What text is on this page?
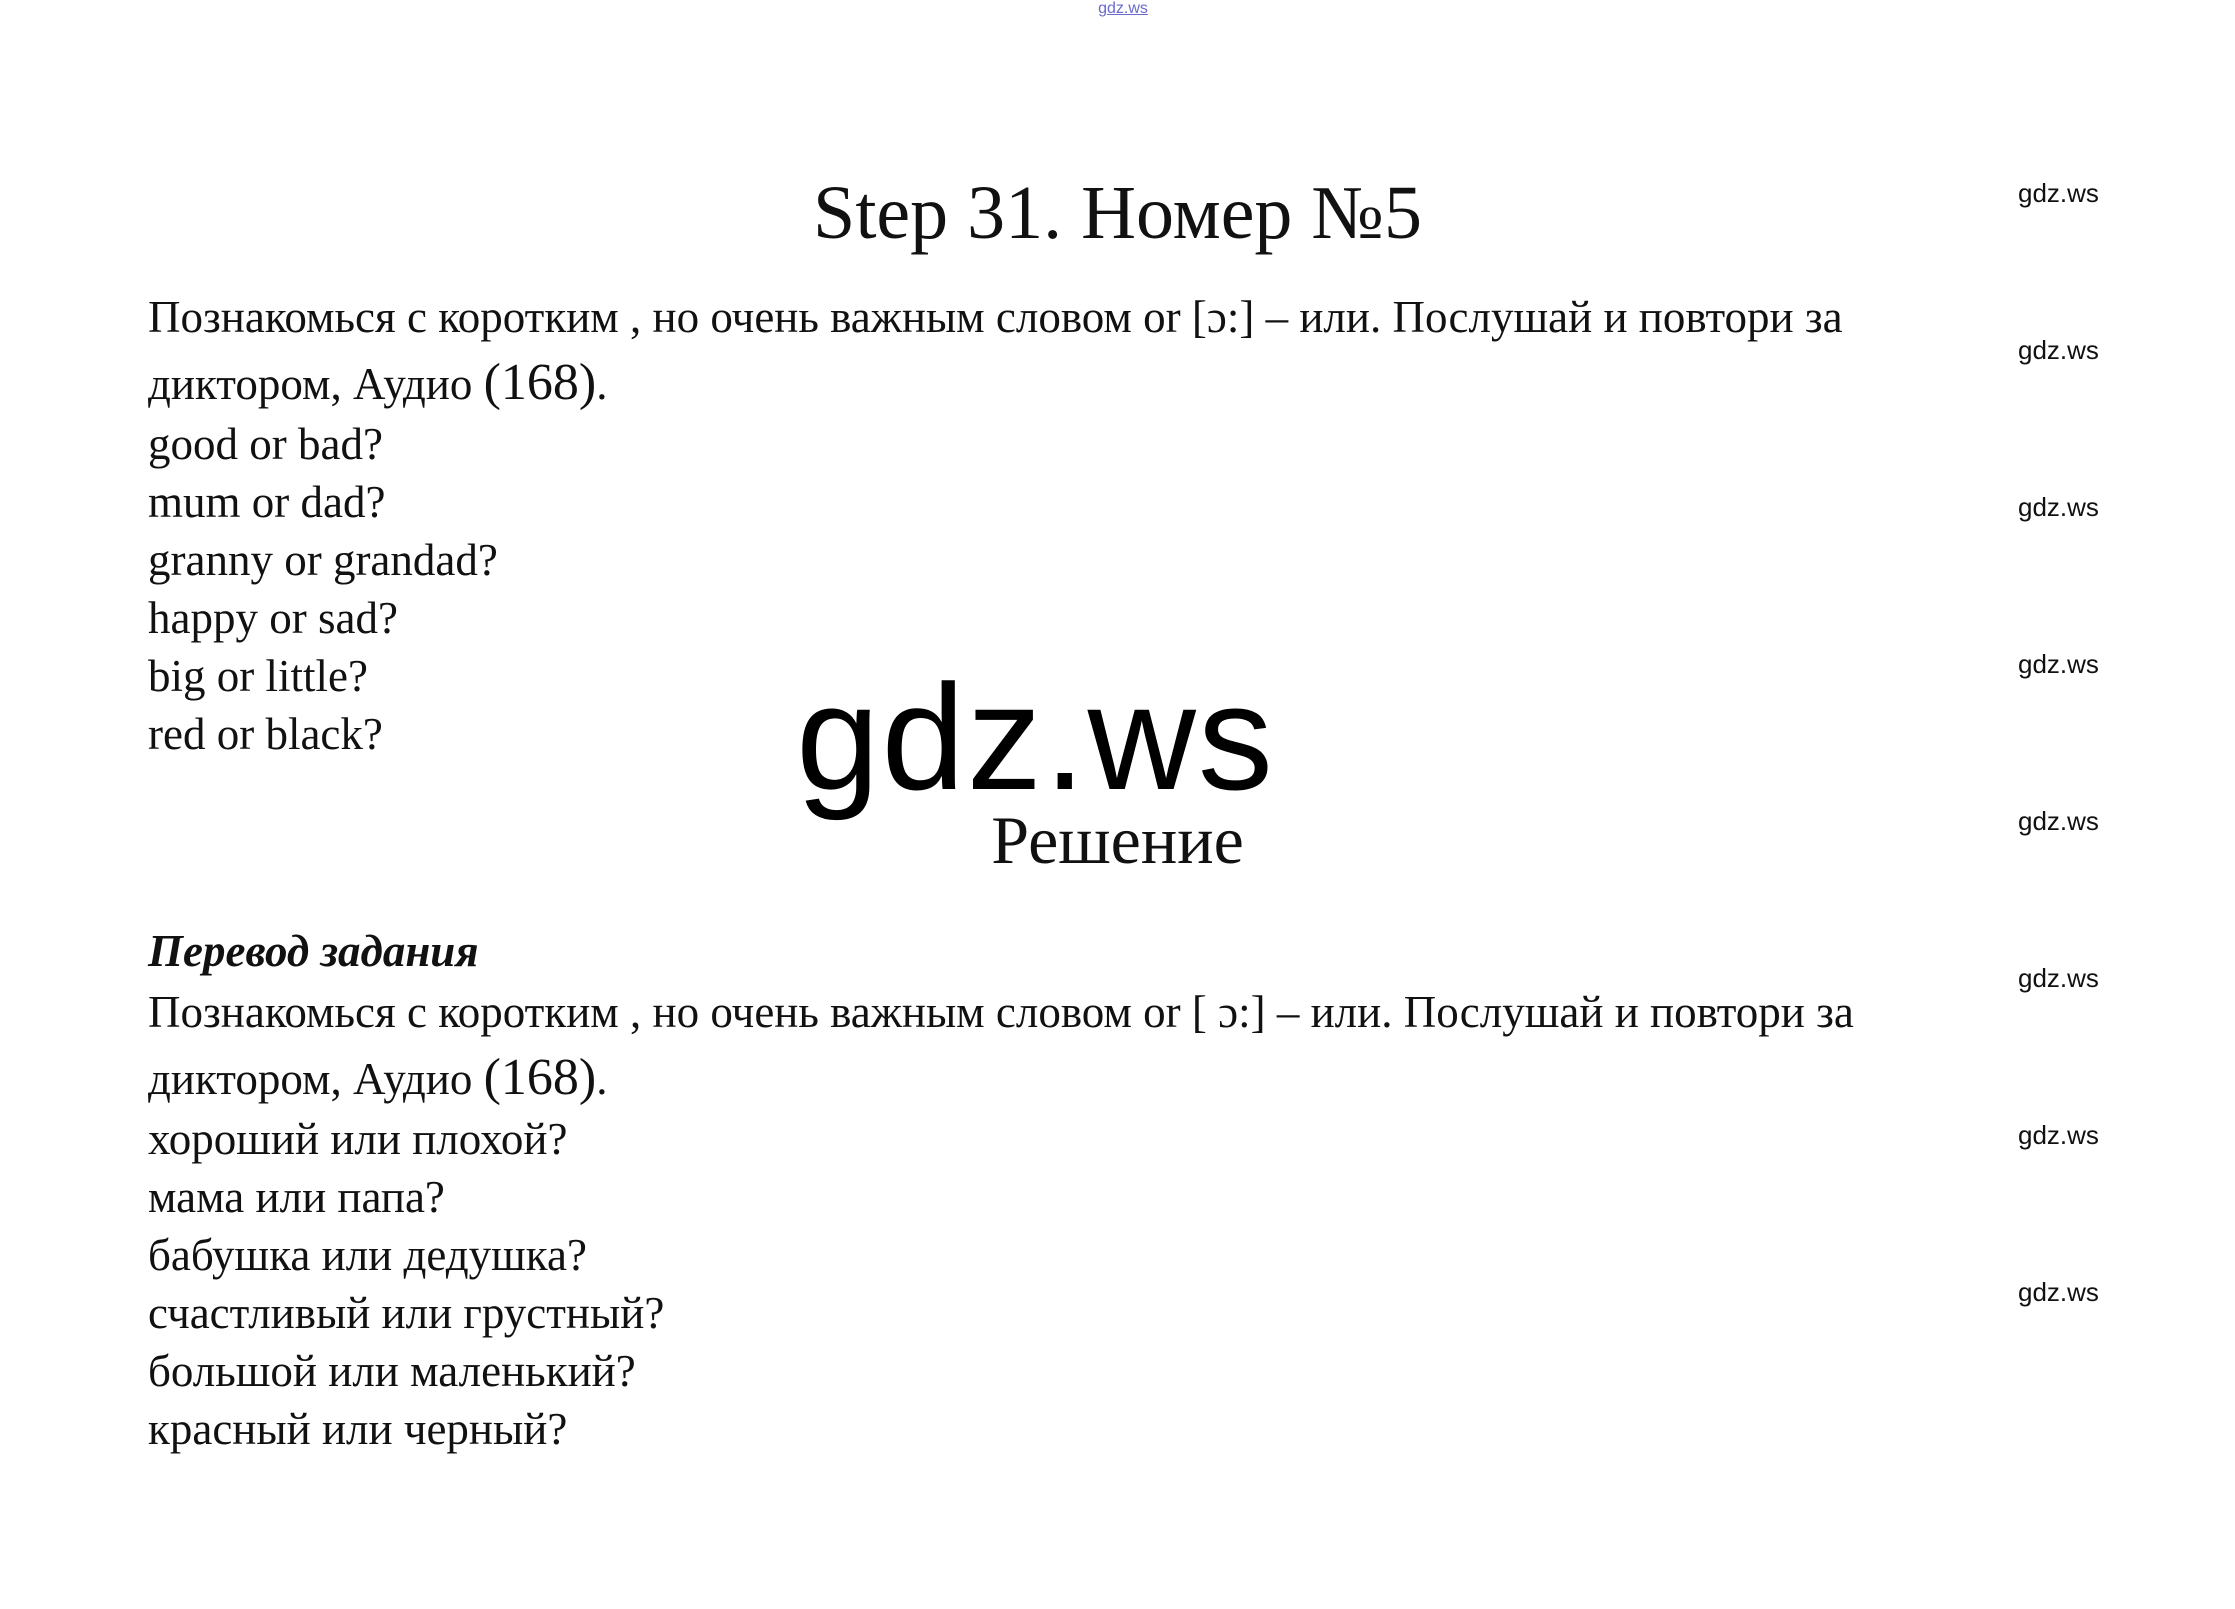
gdz.ws
Step 31. Номер №5
Познакомься с коротким , но очень важным словом or [ɔ:] – или. Послушай и повтори за
диктором, Аудио (168).
good or bad?
mum or dad?
granny or grandad?
happy or sad?
big or little?
red or black?	gdz.ws
Решение
Перевод задания
Познакомься с коротким , но очень важным словом or [ ɔ:] – или. Послушай и повтори за
диктором, Аудио (168).
хороший или плохой?
мама или папа?
бабушка или дедушка?
счастливый или грустный?
большой или маленький?
красный или черный?
gdz.ws
gdz.ws
gdz.ws
gdz.ws
gdz.ws
gdz.ws
gdz.ws
gdz.ws
